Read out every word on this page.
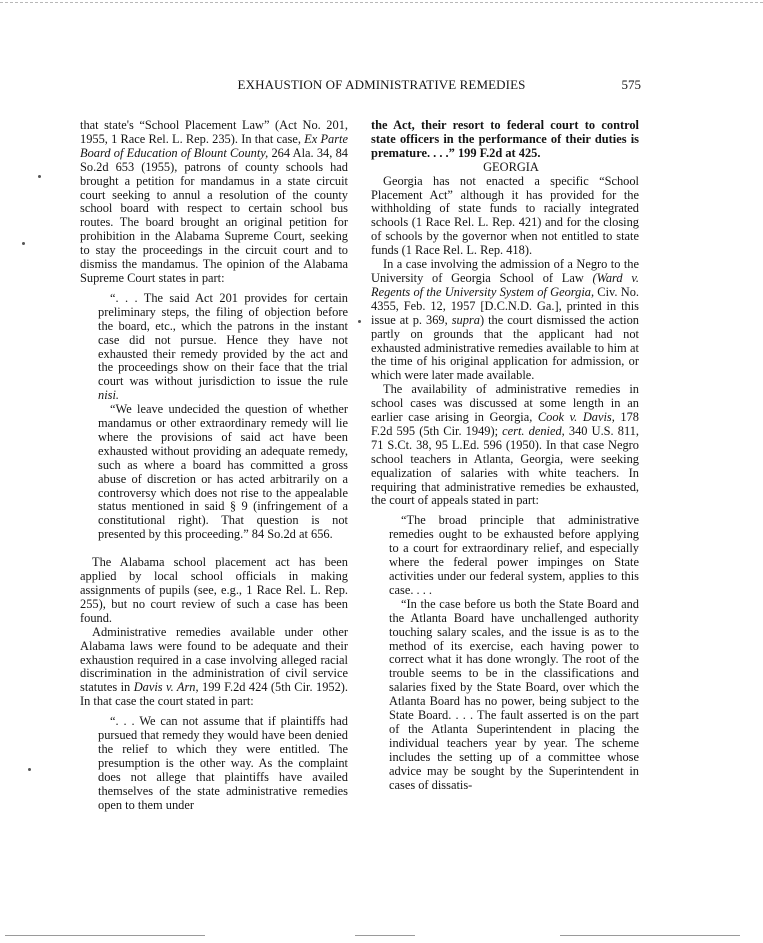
EXHAUSTION OF ADMINISTRATIVE REMEDIES	575

that state's “School Placement Law” (Act No. 201, 1955, 1 Race Rel. L. Rep. 235). In that case, Ex Parte Board of Education of Blount County, 264 Ala. 34, 84 So.2d 653 (1955), patrons of county schools had brought a petition for mandamus in a state circuit court seeking to annul a resolution of the county school board with respect to certain school bus routes. The board brought an original petition for prohibition in the Alabama Supreme Court, seeking to stay the proceedings in the circuit court and to dismiss the mandamus. The opinion of the Alabama Supreme Court states in part:

“. . . The said Act 201 provides for certain preliminary steps, the filing of objection before the board, etc., which the patrons in the instant case did not pursue. Hence they have not exhausted their remedy provided by the act and the proceedings show on their face that the trial court was without jurisdiction to issue the rule nisi.

“We leave undecided the question of whether mandamus or other extraordinary remedy will lie where the provisions of said act have been exhausted without providing an adequate remedy, such as where a board has committed a gross abuse of discretion or has acted arbitrarily on a controversy which does not rise to the appealable status mentioned in said § 9 (infringement of a constitutional right). That question is not presented by this proceeding.” 84 So.2d at 656.

The Alabama school placement act has been applied by local school officials in making assignments of pupils (see, e.g., 1 Race Rel. L. Rep. 255), but no court review of such a case has been found.

Administrative remedies available under other Alabama laws were found to be adequate and their exhaustion required in a case involving alleged racial discrimination in the administration of civil service statutes in Davis v. Arn, 199 F.2d 424 (5th Cir. 1952). In that case the court stated in part:

“. . . We can not assume that if plaintiffs had pursued that remedy they would have been denied the relief to which they were entitled. The presumption is the other way. As the complaint does not allege that plaintiffs have availed themselves of the state administrative remedies open to them under

the Act, their resort to federal court to control state officers in the performance of their duties is premature. . . .” 199 F.2d at 425.

GEORGIA

Georgia has not enacted a specific “School Placement Act” although it has provided for the withholding of state funds to racially integrated schools (1 Race Rel. L. Rep. 421) and for the closing of schools by the governor when not entitled to state funds (1 Race Rel. L. Rep. 418).

In a case involving the admission of a Negro to the University of Georgia School of Law (Ward v. Regents of the University System of Georgia, Civ. No. 4355, Feb. 12, 1957 [D.C.N.D. Ga.], printed in this issue at p. 369, supra) the court dismissed the action partly on grounds that the applicant had not exhausted administrative remedies available to him at the time of his original application for admission, or which were later made available.

The availability of administrative remedies in school cases was discussed at some length in an earlier case arising in Georgia, Cook v. Davis, 178 F.2d 595 (5th Cir. 1949); cert. denied, 340 U.S. 811, 71 S.Ct. 38, 95 L.Ed. 596 (1950). In that case Negro school teachers in Atlanta, Georgia, were seeking equalization of salaries with white teachers. In requiring that administrative remedies be exhausted, the court of appeals stated in part:

“The broad principle that administrative remedies ought to be exhausted before applying to a court for extraordinary relief, and especially where the federal power impinges on State activities under our federal system, applies to this case. . . .

“In the case before us both the State Board and the Atlanta Board have unchallenged authority touching salary scales, and the issue is as to the method of its exercise, each having power to correct what it has done wrongly. The root of the trouble seems to be in the classifications and salaries fixed by the State Board, over which the Atlanta Board has no power, being subject to the State Board. . . . The fault asserted is on the part of the Atlanta Superintendent in placing the individual teachers year by year. The scheme includes the setting up of a committee whose advice may be sought by the Superintendent in cases of dissatis-
